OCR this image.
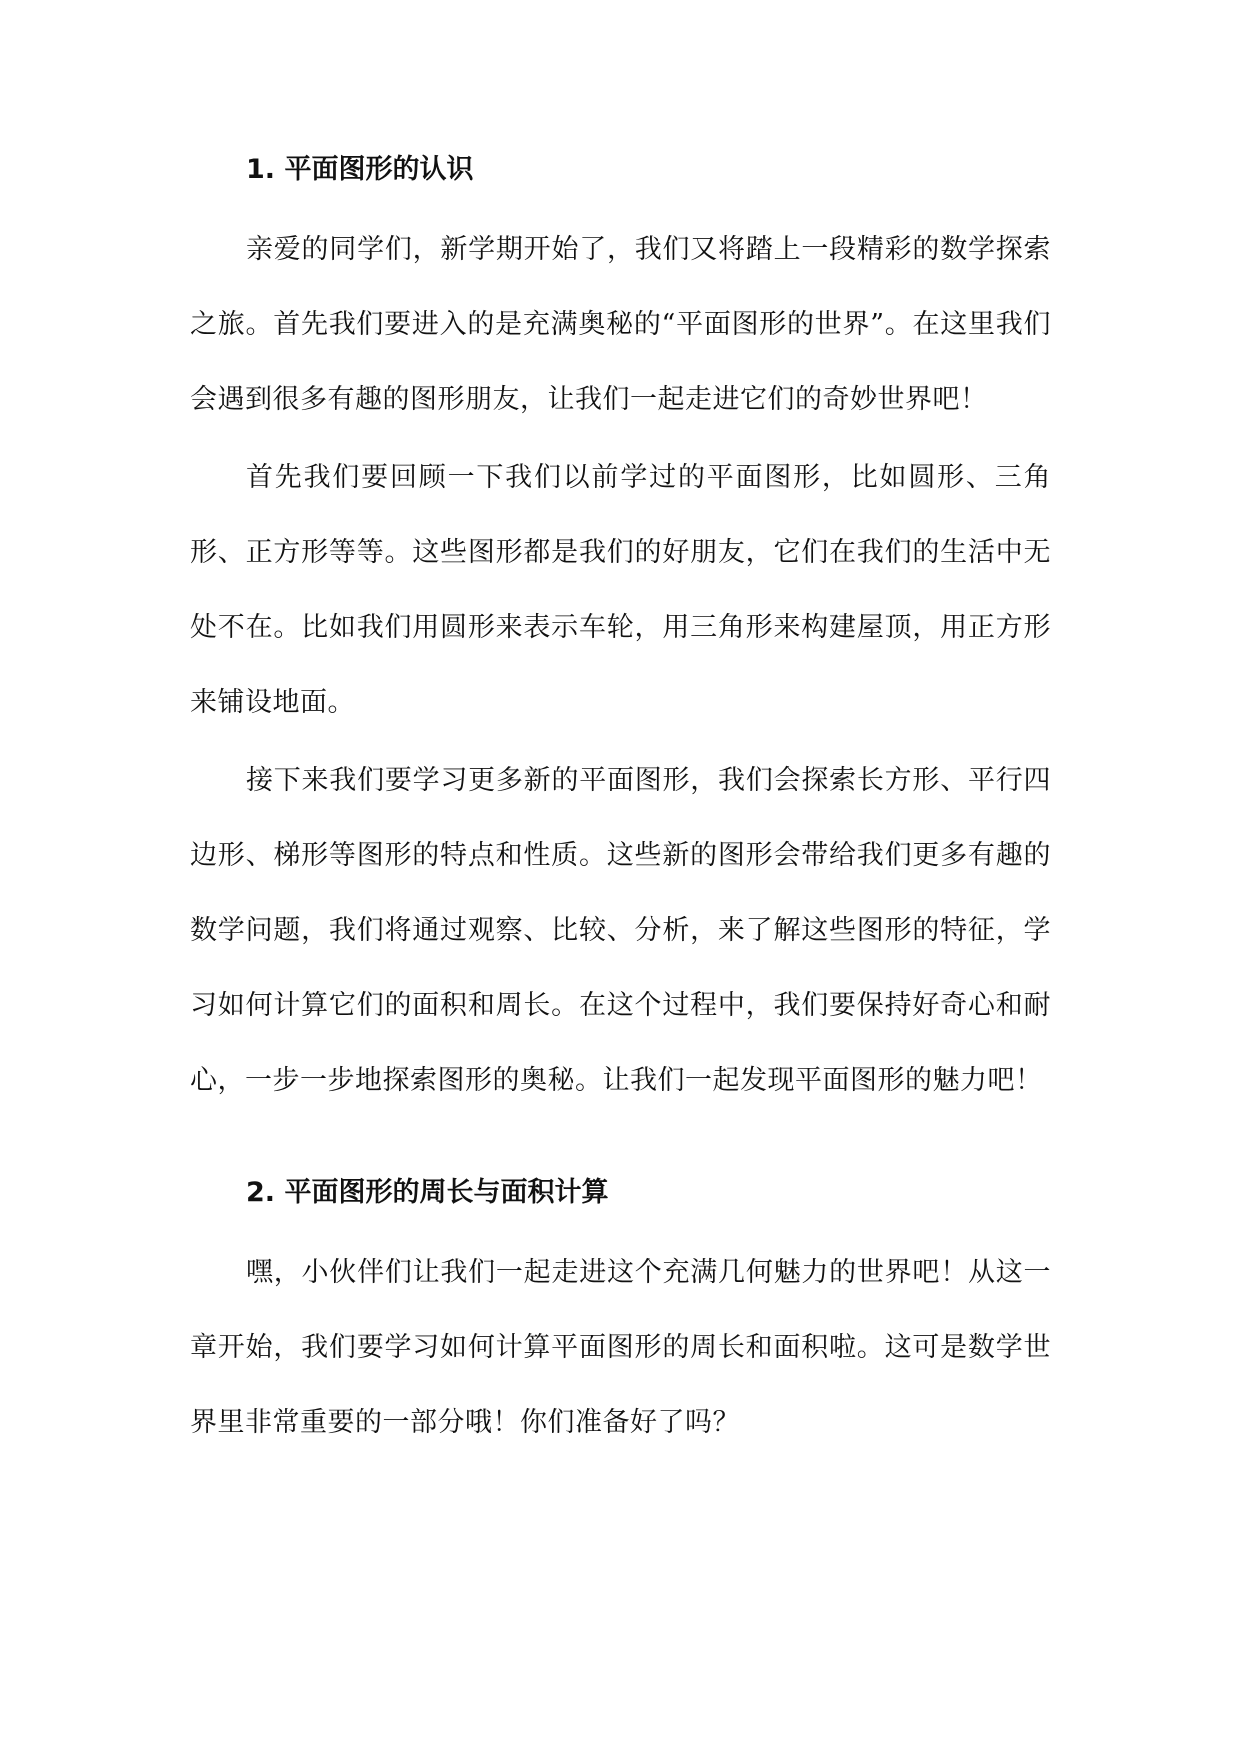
1. 平面图形的认识

亲爱的同学们，新学期开始了，我们又将踏上一段精彩的数学探索之旅。首先我们要进入的是充满奥秘的“平面图形的世界”。在这里我们会遇到很多有趣的图形朋友，让我们一起走进它们的奇妙世界吧！

首先我们要回顾一下我们以前学过的平面图形，比如圆形、三角形、正方形等等。这些图形都是我们的好朋友，它们在我们的生活中无处不在。比如我们用圆形来表示车轮，用三角形来构建屋顶，用正方形来铺设地面。

接下来我们要学习更多新的平面图形，我们会探索长方形、平行四边形、梯形等图形的特点和性质。这些新的图形会带给我们更多有趣的数学问题，我们将通过观察、比较、分析，来了解这些图形的特征，学习如何计算它们的面积和周长。在这个过程中，我们要保持好奇心和耐心，一步一步地探索图形的奥秘。让我们一起发现平面图形的魅力吧！

2. 平面图形的周长与面积计算

嘿，小伙伴们让我们一起走进这个充满几何魅力的世界吧！从这一章开始，我们要学习如何计算平面图形的周长和面积啦。这可是数学世界里非常重要的一部分哦！你们准备好了吗？
